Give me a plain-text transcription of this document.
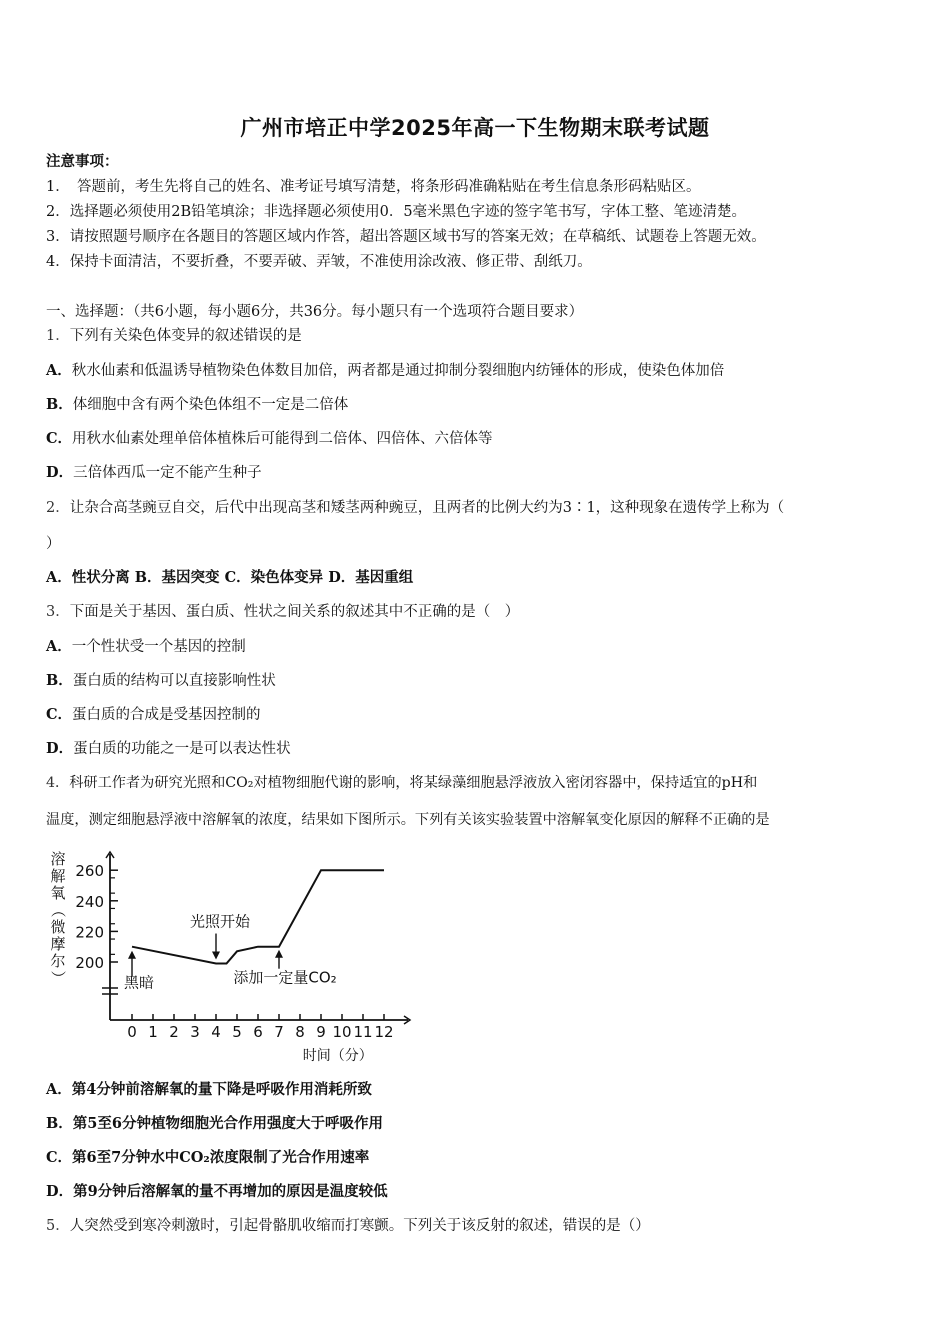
广州市培正中学2025年高一下生物期末联考试题
注意事项：
1．　答题前，考生先将自己的姓名、准考证号填写清楚，将条形码准确粘贴在考生信息条形码粘贴区。
2．选择题必须使用2B铅笔填涂；非选择题必须使用0．5毫米黑色字迹的签字笔书写，字体工整、笔迹清楚。
3．请按照题号顺序在各题目的答题区域内作答，超出答题区域书写的答案无效；在草稿纸、试题卷上答题无效。
4．保持卡面清洁，不要折叠，不要弄破、弄皱，不准使用涂改液、修正带、刮纸刀。
一、选择题：（共6小题，每小题6分，共36分。每小题只有一个选项符合题目要求）
1．下列有关染色体变异的叙述错误的是
A．秋水仙素和低温诱导植物染色体数目加倍，两者都是通过抑制分裂细胞内纺锤体的形成，使染色体加倍
B．体细胞中含有两个染色体组不一定是二倍体
C．用秋水仙素处理单倍体植株后可能得到二倍体、四倍体、六倍体等
D．三倍体西瓜一定不能产生种子
2．让杂合高茎豌豆自交，后代中出现高茎和矮茎两种豌豆，且两者的比例大约为3∶1，这种现象在遗传学上称为（
）
A．性状分离 B．基因突变 C．染色体变异 D．基因重组
3．下面是关于基因、蛋白质、性状之间关系的叙述其中不正确的是（　）
A．一个性状受一个基因的控制
B．蛋白质的结构可以直接影响性状
C．蛋白质的合成是受基因控制的
D．蛋白质的功能之一是可以表达性状
4．科研工作者为研究光照和CO₂对植物细胞代谢的影响，将某绿藻细胞悬浮液放入密闭容器中，保持适宜的pH和
温度，测定细胞悬浮液中溶解氧的浓度，结果如下图所示。下列有关该实验装置中溶解氧变化原因的解释不正确的是
溶
解
氧
（
微
摩
尔
）
200
220
240
260
0 1 2 3 4 5 6 7 8 9 10 11 12
黑暗
光照开始
添加一定量CO₂
时间（分）
A．第4分钟前溶解氧的量下降是呼吸作用消耗所致
B．第5至6分钟植物细胞光合作用强度大于呼吸作用
C．第6至7分钟水中CO₂浓度限制了光合作用速率
D．第9分钟后溶解氧的量不再增加的原因是温度较低
5．人突然受到寒冷刺激时，引起骨骼肌收缩而打寒颤。下列关于该反射的叙述，错误的是（）
